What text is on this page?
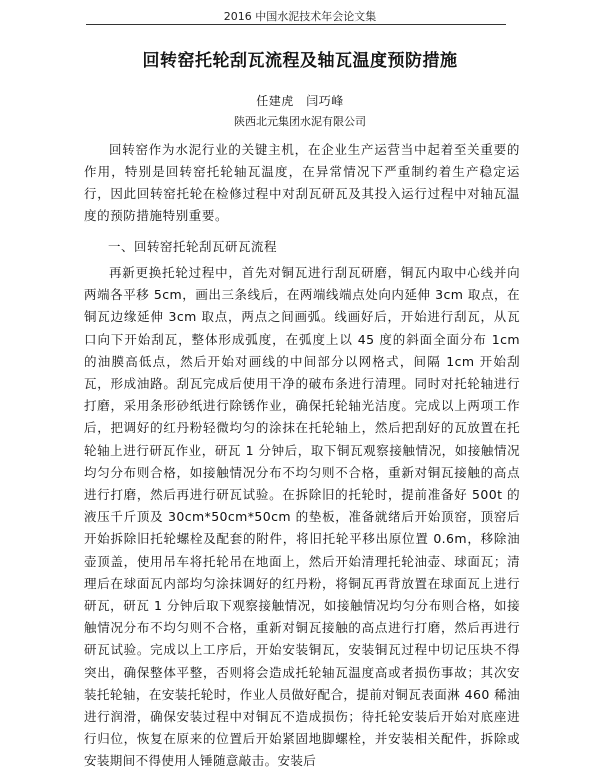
2016 中国水泥技术年会论文集
回转窑托轮刮瓦流程及轴瓦温度预防措施
任建虎　闫巧峰
陕西北元集团水泥有限公司

回转窑作为水泥行业的关键主机，在企业生产运营当中起着至关重要的作用，特别是回转窑托轮轴瓦温度，在异常情况下严重制约着生产稳定运行，因此回转窑托轮在检修过程中对刮瓦研瓦及其投入运行过程中对轴瓦温度的预防措施特别重要。

一、回转窑托轮刮瓦研瓦流程

再新更换托轮过程中，首先对铜瓦进行刮瓦研磨，铜瓦内取中心线并向两端各平移 5cm，画出三条线后，在两端线端点处向内延伸 3cm 取点，在铜瓦边缘延伸 3cm 取点，两点之间画弧。线画好后，开始进行刮瓦，从瓦口向下开始刮瓦，整体形成弧度，在弧度上以 45 度的斜面全面分布 1cm 的油膜高低点，然后开始对画线的中间部分以网格式，间隔 1cm 开始刮瓦，形成油路。刮瓦完成后使用干净的破布条进行清理。同时对托轮轴进行打磨，采用条形砂纸进行除锈作业，确保托轮轴光洁度。完成以上两项工作后，把调好的红丹粉轻微均匀的涂抹在托轮轴上，然后把刮好的瓦放置在托轮轴上进行研瓦作业，研瓦 1 分钟后，取下铜瓦观察接触情况，如接触情况均匀分布则合格，如接触情况分布不均匀则不合格，重新对铜瓦接触的高点进行打磨，然后再进行研瓦试验。在拆除旧的托轮时，提前准备好 500t 的液压千斤顶及 30cm*50cm*50cm 的垫板，准备就绪后开始顶窑，顶窑后开始拆除旧托轮螺栓及配套的附件，将旧托轮平移出原位置 0.6m，移除油壶顶盖，使用吊车将托轮吊在地面上，然后开始清理托轮油壶、球面瓦；清理后在球面瓦内部均匀涂抹调好的红丹粉，将铜瓦再背放置在球面瓦上进行研瓦，研瓦 1 分钟后取下观察接触情况，如接触情况均匀分布则合格，如接触情况分布不均匀则不合格，重新对铜瓦接触的高点进行打磨，然后再进行研瓦试验。完成以上工序后，开始安装铜瓦，安装铜瓦过程中切记压块不得突出，确保整体平整，否则将会造成托轮轴瓦温度高或者损伤事故；其次安装托轮轴，在安装托轮时，作业人员做好配合，提前对铜瓦表面淋 460 稀油进行润滑，确保安装过程中对铜瓦不造成损伤；待托轮安装后开始对底座进行归位，恢复在原来的位置后开始紧固地脚螺栓，并安装相关配件，拆除或安装期间不得使用人锤随意敲击。安装后
